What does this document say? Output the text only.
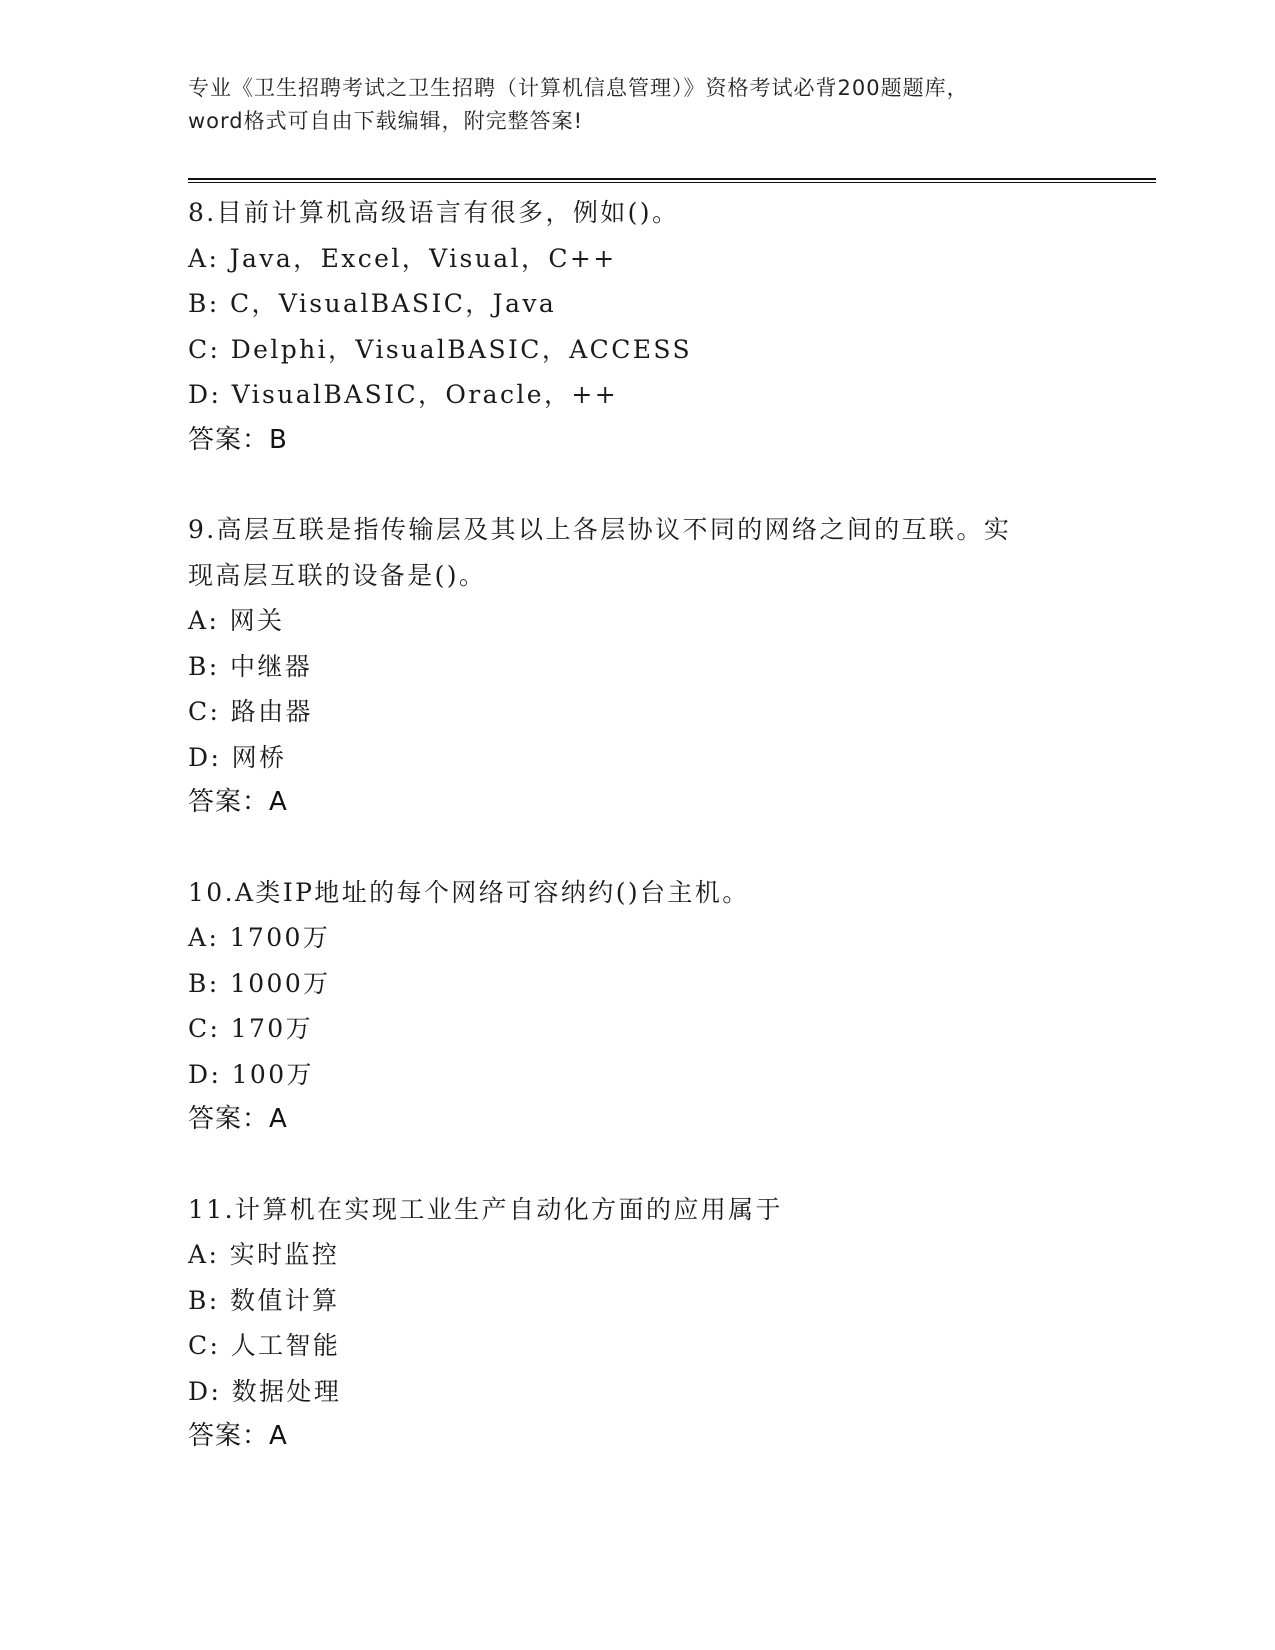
专业《卫生招聘考试之卫生招聘（计算机信息管理）》资格考试必背200题题库，
word格式可自由下载编辑，附完整答案!
8.目前计算机高级语言有很多，例如()。
A: Java，Excel，Visual，C++
B: C，VisualBASIC，Java
C: Delphi，VisualBASIC，ACCESS
D: VisualBASIC，Oracle，++
答案：B
9.高层互联是指传输层及其以上各层协议不同的网络之间的互联。实
现高层互联的设备是()。
A: 网关
B: 中继器
C: 路由器
D: 网桥
答案：A
10.A类IP地址的每个网络可容纳约()台主机。
A: 1700万
B: 1000万
C: 170万
D: 100万
答案：A
11.计算机在实现工业生产自动化方面的应用属于
A: 实时监控
B: 数值计算
C: 人工智能
D: 数据处理
答案：A
